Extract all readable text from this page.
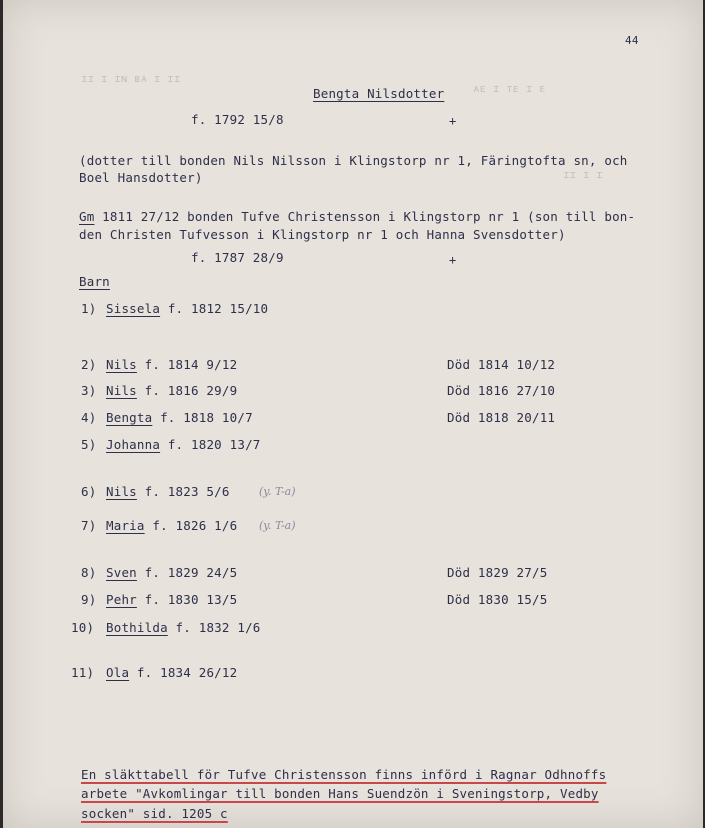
ɪɪ ɪ ɪɴ ʙᴀ ɪ ɪɪ
ᴀᴇ ɪ ᴛᴇ ɪ ᴇ
ɪɪ ɪ ɪ
44
Bengta Nilsdotter
f. 1792 15/8	+
(dotter till bonden Nils Nilsson i Klingstorp nr 1, Färingtofta sn, och
Boel Hansdotter)
Gm 1811 27/12 bonden Tufve Christensson i Klingstorp nr 1 (son till bon-
den Christen Tufvesson i Klingstorp nr 1 och Hanna Svensdotter)
f. 1787 28/9	+
Barn
1) Sissela f. 1812 15/10
2) Nils f. 1814 9/12	Död 1814 10/12
3) Nils f. 1816 29/9	Död 1816 27/10
4) Bengta f. 1818 10/7	Död 1818 20/11
5) Johanna f. 1820 13/7
6) Nils f. 1823 5/6	(y. T-a)
7) Maria f. 1826 1/6 (y. T-a)
8) Sven f. 1829 24/5	Död 1829 27/5
9) Pehr f. 1830 13/5	Död 1830 15/5
10) Bothilda f. 1832 1/6
11) Ola f. 1834 26/12
En släkttabell för Tufve Christensson finns införd i Ragnar Odhnoffs
arbete "Avkomlingar till bonden Hans Suendzön i Sveningstorp, Vedby
socken" sid. 1205 c
